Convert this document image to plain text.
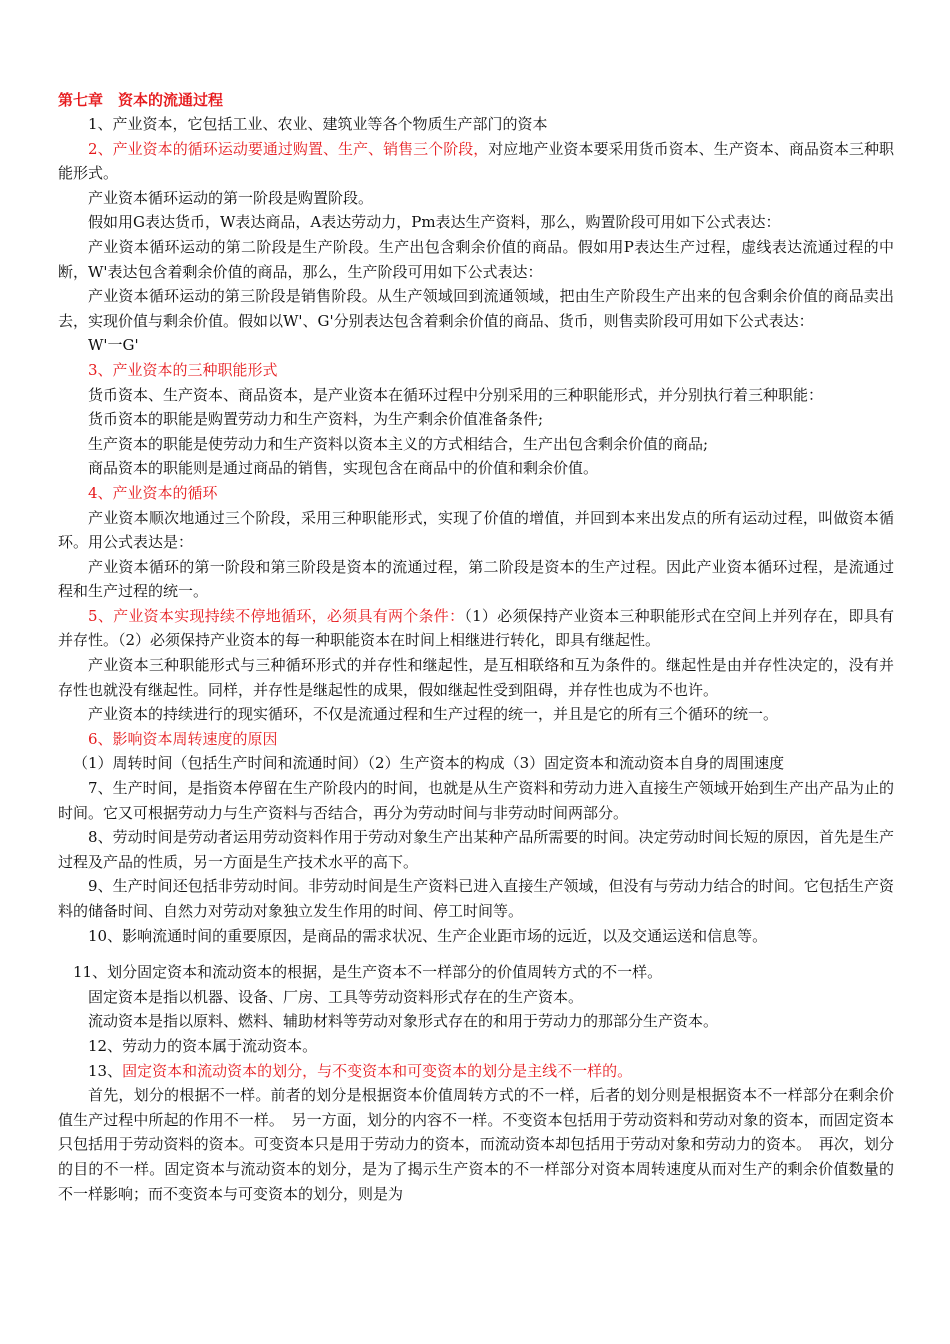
第七章　资本的流通过程
1、产业资本，它包括工业、农业、建筑业等各个物质生产部门的资本
2、产业资本的循环运动要通过购置、生产、销售三个阶段，对应地产业资本要采用货币资本、生产资本、商品资本三种职能形式。
产业资本循环运动的第一阶段是购置阶段。
假如用G表达货币，W表达商品，A表达劳动力，Pm表达生产资料，那么，购置阶段可用如下公式表达：
产业资本循环运动的第二阶段是生产阶段。生产出包含剩余价值的商品。假如用P表达生产过程，虚线表达流通过程的中断，W'表达包含着剩余价值的商品，那么，生产阶段可用如下公式表达：
产业资本循环运动的第三阶段是销售阶段。从生产领域回到流通领域，把由生产阶段生产出来的包含剩余价值的商品卖出去，实现价值与剩余价值。假如以W'、G'分别表达包含着剩余价值的商品、货币，则售卖阶段可用如下公式表达：
W'一G'
3、产业资本的三种职能形式
货币资本、生产资本、商品资本，是产业资本在循环过程中分别采用的三种职能形式，并分别执行着三种职能：
货币资本的职能是购置劳动力和生产资料，为生产剩余价值准备条件;
生产资本的职能是使劳动力和生产资料以资本主义的方式相结合，生产出包含剩余价值的商品;
商品资本的职能则是通过商品的销售，实现包含在商品中的价值和剩余价值。
4、产业资本的循环
产业资本顺次地通过三个阶段，采用三种职能形式，实现了价值的增值，并回到本来出发点的所有运动过程，叫做资本循环。用公式表达是：
产业资本循环的第一阶段和第三阶段是资本的流通过程，第二阶段是资本的生产过程。因此产业资本循环过程，是流通过程和生产过程的统一。
5、产业资本实现持续不停地循环，必须具有两个条件：（1）必须保持产业资本三种职能形式在空间上并列存在，即具有并存性。（2）必须保持产业资本的每一种职能资本在时间上相继进行转化，即具有继起性。
产业资本三种职能形式与三种循环形式的并存性和继起性，是互相联络和互为条件的。继起性是由并存性决定的，没有并存性也就没有继起性。同样，并存性是继起性的成果，假如继起性受到阻碍，并存性也成为不也许。
产业资本的持续进行的现实循环，不仅是流通过程和生产过程的统一，并且是它的所有三个循环的统一。
6、影响资本周转速度的原因
（1）周转时间（包括生产时间和流通时间）（2）生产资本的构成（3）固定资本和流动资本自身的周围速度
7、生产时间，是指资本停留在生产阶段内的时间，也就是从生产资料和劳动力进入直接生产领域开始到生产出产品为止的时间。它又可根据劳动力与生产资料与否结合，再分为劳动时间与非劳动时间两部分。
8、劳动时间是劳动者运用劳动资料作用于劳动对象生产出某种产品所需要的时间。决定劳动时间长短的原因，首先是生产过程及产品的性质，另一方面是生产技术水平的高下。
9、生产时间还包括非劳动时间。非劳动时间是生产资料已进入直接生产领域，但没有与劳动力结合的时间。它包括生产资料的储备时间、自然力对劳动对象独立发生作用的时间、停工时间等。
10、影响流通时间的重要原因，是商品的需求状况、生产企业距市场的远近，以及交通运送和信息等。
11、划分固定资本和流动资本的根据，是生产资本不一样部分的价值周转方式的不一样。
固定资本是指以机器、设备、厂房、工具等劳动资料形式存在的生产资本。
流动资本是指以原料、燃料、辅助材料等劳动对象形式存在的和用于劳动力的那部分生产资本。
12、劳动力的资本属于流动资本。
13、固定资本和流动资本的划分，与不变资本和可变资本的划分是主线不一样的。
首先，划分的根据不一样。前者的划分是根据资本价值周转方式的不一样，后者的划分则是根据资本不一样部分在剩余价值生产过程中所起的作用不一样。　另一方面，划分的内容不一样。不变资本包括用于劳动资料和劳动对象的资本，而固定资本只包括用于劳动资料的资本。可变资本只是用于劳动力的资本，而流动资本却包括用于劳动对象和劳动力的资本。　再次，划分的目的不一样。固定资本与流动资本的划分，是为了揭示生产资本的不一样部分对资本周转速度从而对生产的剩余价值数量的不一样影响；而不变资本与可变资本的划分，则是为
